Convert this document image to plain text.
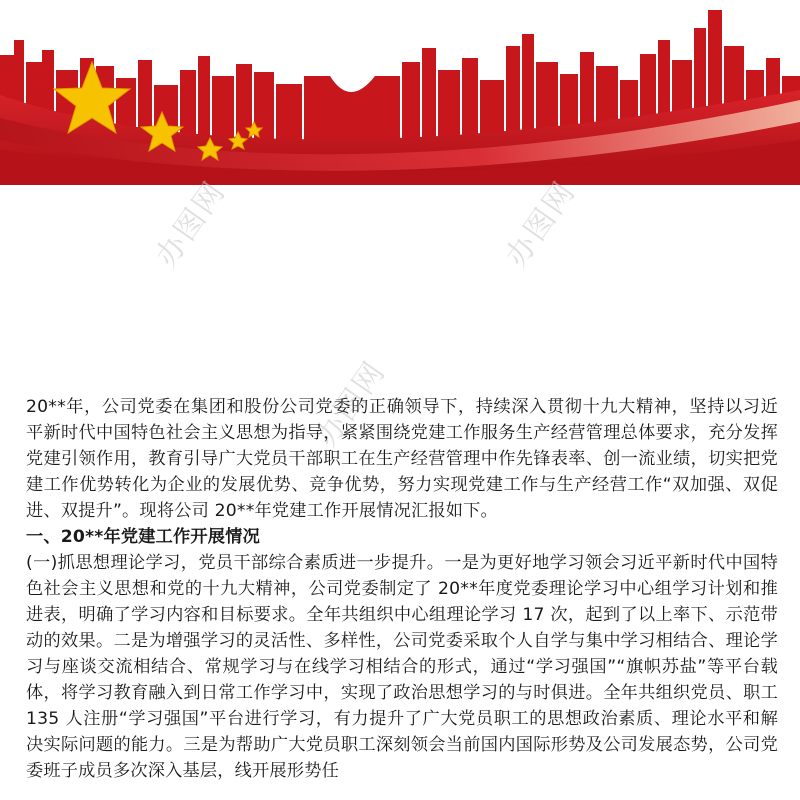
办图网	办图网
办图网

20**年，公司党委在集团和股份公司党委的正确领导下，持续深入贯彻十九大精神，坚持以习近平新时代中国特色社会主义思想为指导，紧紧围绕党建工作服务生产经营管理总体要求，充分发挥党建引领作用，教育引导广大党员干部职工在生产经营管理中作先锋表率、创一流业绩，切实把党建工作优势转化为企业的发展优势、竞争优势，努力实现党建工作与生产经营工作“双加强、双促进、双提升”。现将公司 20**年党建工作开展情况汇报如下。

一、20**年党建工作开展情况

(一)抓思想理论学习，党员干部综合素质进一步提升。一是为更好地学习领会习近平新时代中国特色社会主义思想和党的十九大精神，公司党委制定了 20**年度党委理论学习中心组学习计划和推进表，明确了学习内容和目标要求。全年共组织中心组理论学习 17 次，起到了以上率下、示范带动的效果。二是为增强学习的灵活性、多样性，公司党委采取个人自学与集中学习相结合、理论学习与座谈交流相结合、常规学习与在线学习相结合的形式，通过“学习强国”“旗帜苏盐”等平台载体，将学习教育融入到日常工作学习中，实现了政治思想学习的与时俱进。全年共组织党员、职工 135 人注册“学习强国”平台进行学习，有力提升了广大党员职工的思想政治素质、理论水平和解决实际问题的能力。三是为帮助广大党员职工深刻领会当前国内国际形势及公司发展态势，公司党委班子成员多次深入基层，线开展形势任
